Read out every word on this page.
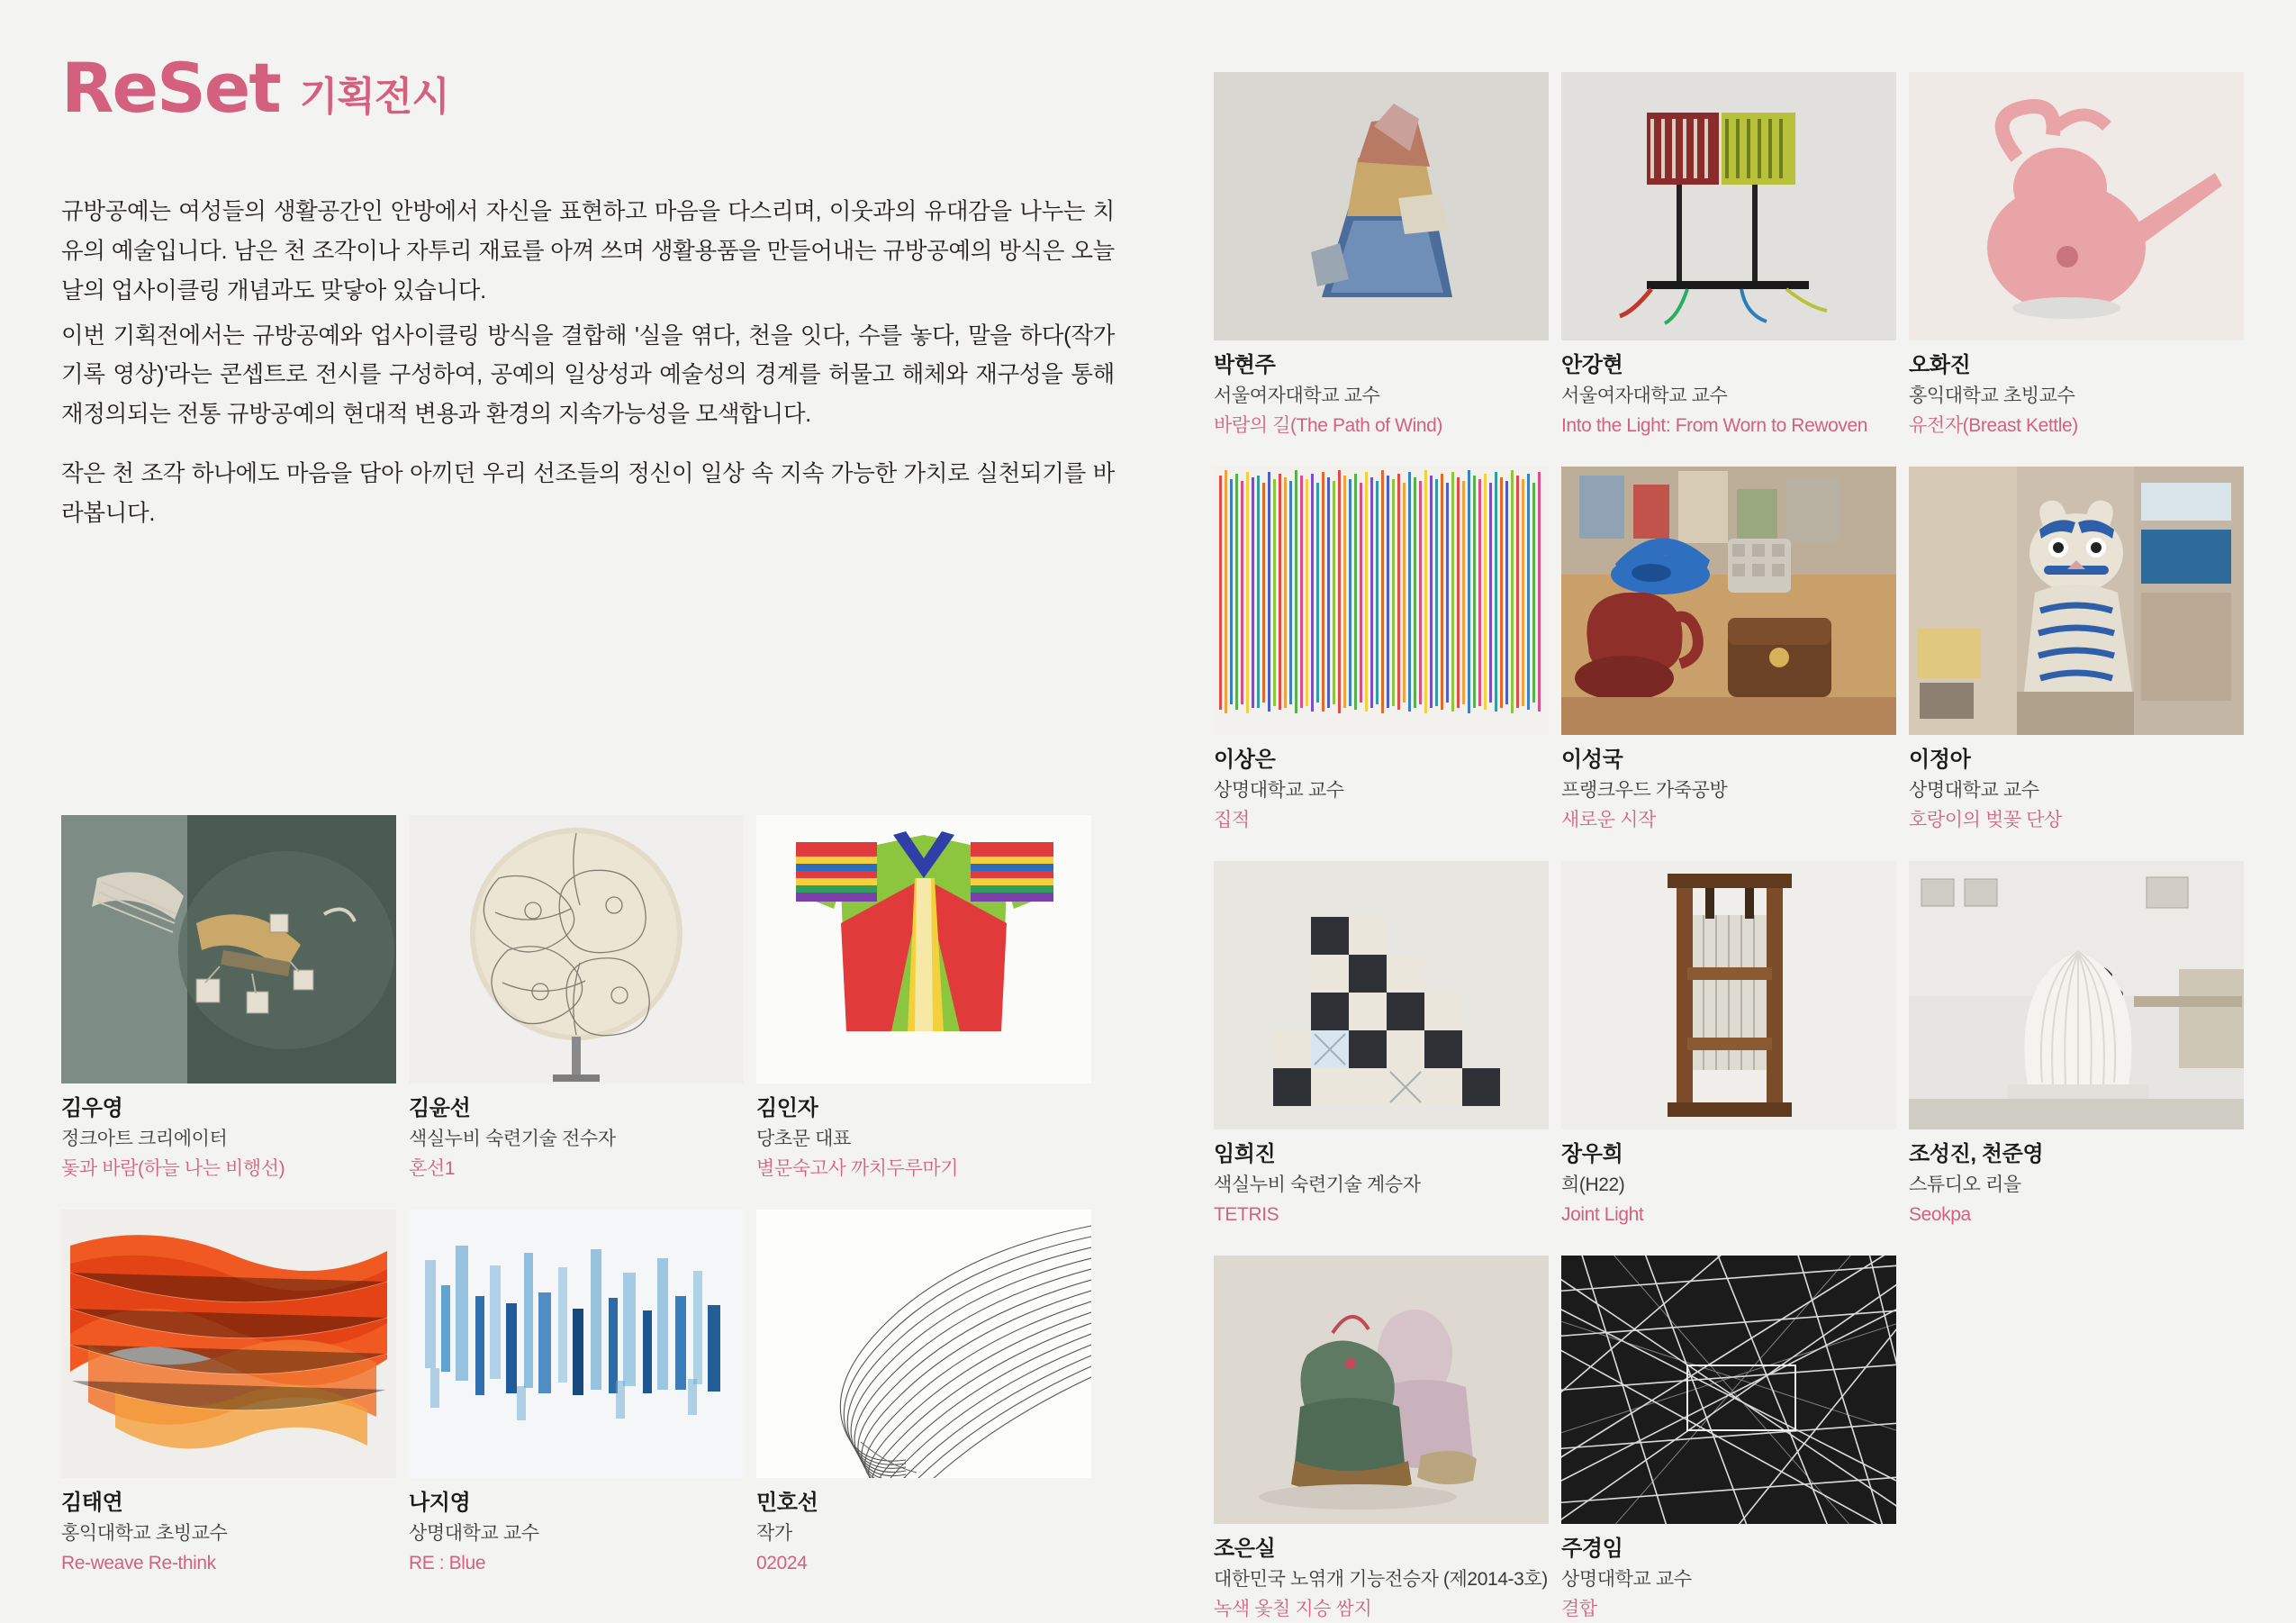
ReSet 기획전시

규방공예는 여성들의 생활공간인 안방에서 자신을 표현하고 마음을 다스리며, 이웃과의 유대감을 나누는 치유의 예술입니다. 남은 천 조각이나 자투리 재료를 아껴 쓰며 생활용품을 만들어내는 규방공예의 방식은 오늘날의 업사이클링 개념과도 맞닿아 있습니다.

이번 기획전에서는 규방공예와 업사이클링 방식을 결합해 '실을 엮다, 천을 잇다, 수를 놓다, 말을 하다(작가 기록 영상)'라는 콘셉트로 전시를 구성하여, 공예의 일상성과 예술성의 경계를 허물고 해체와 재구성을 통해 재정의되는 전통 규방공예의 현대적 변용과 환경의 지속가능성을 모색합니다.

작은 천 조각 하나에도 마음을 담아 아끼던 우리 선조들의 정신이 일상 속 지속 가능한 가치로 실천되기를 바라봅니다.

박현주
서울여자대학교 교수
바람의 길(The Path of Wind)
안강현
서울여자대학교 교수
Into the Light: From Worn to Rewoven
오화진
홍익대학교 초빙교수
유전자(Breast Kettle)
이상은
상명대학교 교수
집적
이성국
프랭크우드 가죽공방
새로운 시작
이정아
상명대학교 교수
호랑이의 벚꽃 단상
임희진
색실누비 숙련기술 계승자
TETRIS
장우희
희(H22)
Joint Light
조성진, 천준영
스튜디오 리을
Seokpa
조은실
대한민국 노엮개 기능전승자 (제2014-3호)
녹색 옻칠 지승 쌈지
주경임
상명대학교 교수
결합
김우영
정크아트 크리에이터
돛과 바람(하늘 나는 비행선)
김윤선
색실누비 숙련기술 전수자
혼선1
김인자
당초문 대표
별문숙고사 까치두루마기
김태연
홍익대학교 초빙교수
Re-weave Re-think
나지영
상명대학교 교수
RE : Blue
민호선
작가
02024
